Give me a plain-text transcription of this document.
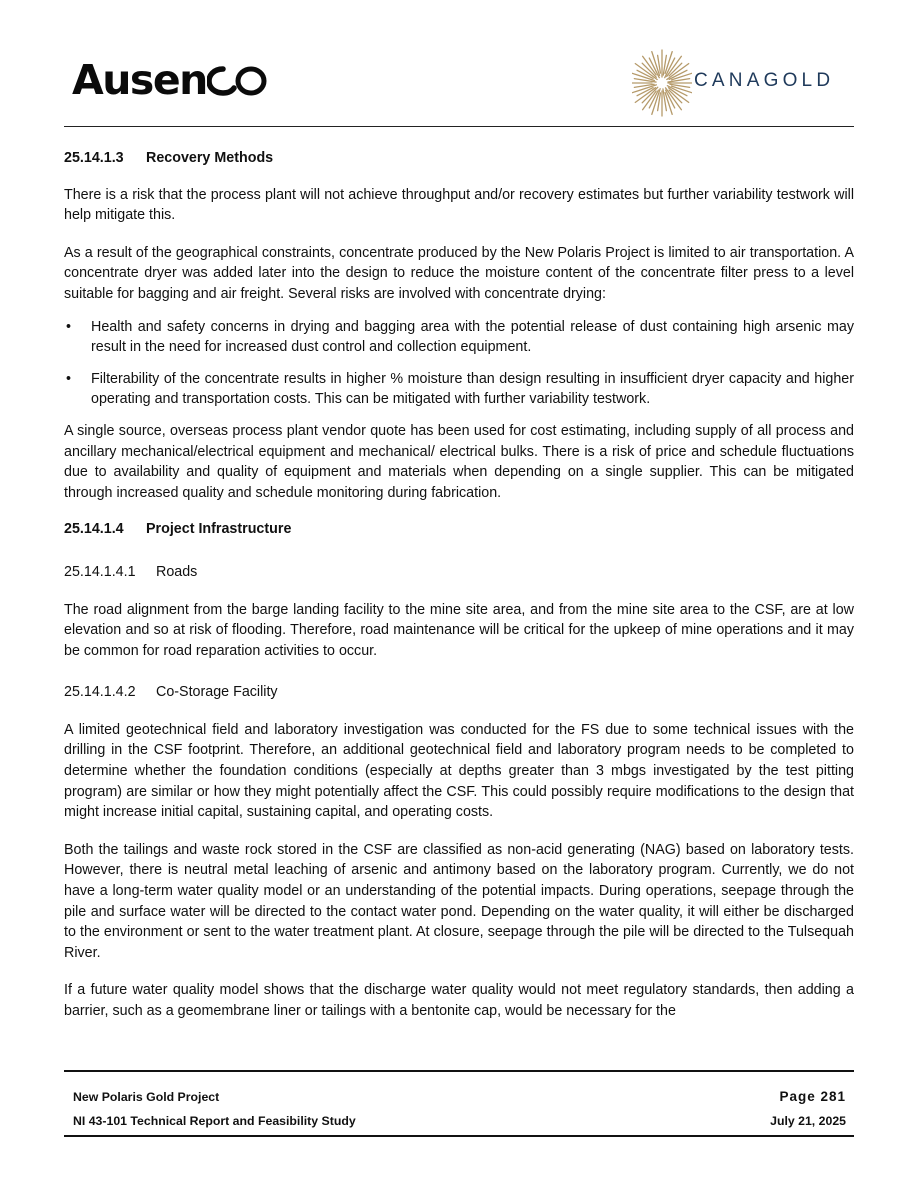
Ausen	CANAGOLD

25.14.1.3 Recovery Methods

There is a risk that the process plant will not achieve throughput and/or recovery estimates but further variability testwork will help mitigate this.

As a result of the geographical constraints, concentrate produced by the New Polaris Project is limited to air transportation. A concentrate dryer was added later into the design to reduce the moisture content of the concentrate filter press to a level suitable for bagging and air freight. Several risks are involved with concentrate drying:

• Health and safety concerns in drying and bagging area with the potential release of dust containing high arsenic may result in the need for increased dust control and collection equipment.
• Filterability of the concentrate results in higher % moisture than design resulting in insufficient dryer capacity and higher operating and transportation costs. This can be mitigated with further variability testwork.

A single source, overseas process plant vendor quote has been used for cost estimating, including supply of all process and ancillary mechanical/electrical equipment and mechanical/ electrical bulks. There is a risk of price and schedule fluctuations due to availability and quality of equipment and materials when depending on a single supplier. This can be mitigated through increased quality and schedule monitoring during fabrication.

25.14.1.4 Project Infrastructure

25.14.1.4.1 Roads

The road alignment from the barge landing facility to the mine site area, and from the mine site area to the CSF, are at low elevation and so at risk of flooding. Therefore, road maintenance will be critical for the upkeep of mine operations and it may be common for road reparation activities to occur.

25.14.1.4.2 Co-Storage Facility

A limited geotechnical field and laboratory investigation was conducted for the FS due to some technical issues with the drilling in the CSF footprint. Therefore, an additional geotechnical field and laboratory program needs to be completed to determine whether the foundation conditions (especially at depths greater than 3 mbgs investigated by the test pitting program) are similar or how they might potentially affect the CSF. This could possibly require modifications to the design that might increase initial capital, sustaining capital, and operating costs.

Both the tailings and waste rock stored in the CSF are classified as non-acid generating (NAG) based on laboratory tests. However, there is neutral metal leaching of arsenic and antimony based on the laboratory program. Currently, we do not have a long-term water quality model or an understanding of the potential impacts. During operations, seepage through the pile and surface water will be directed to the contact water pond. Depending on the water quality, it will either be discharged to the environment or sent to the water treatment plant. At closure, seepage through the pile will be directed to the Tulsequah River.

If a future water quality model shows that the discharge water quality would not meet regulatory standards, then adding a barrier, such as a geomembrane liner or tailings with a bentonite cap, would be necessary for the

New Polaris Gold Project
NI 43-101 Technical Report and Feasibility Study
Page 281
July 21, 2025
